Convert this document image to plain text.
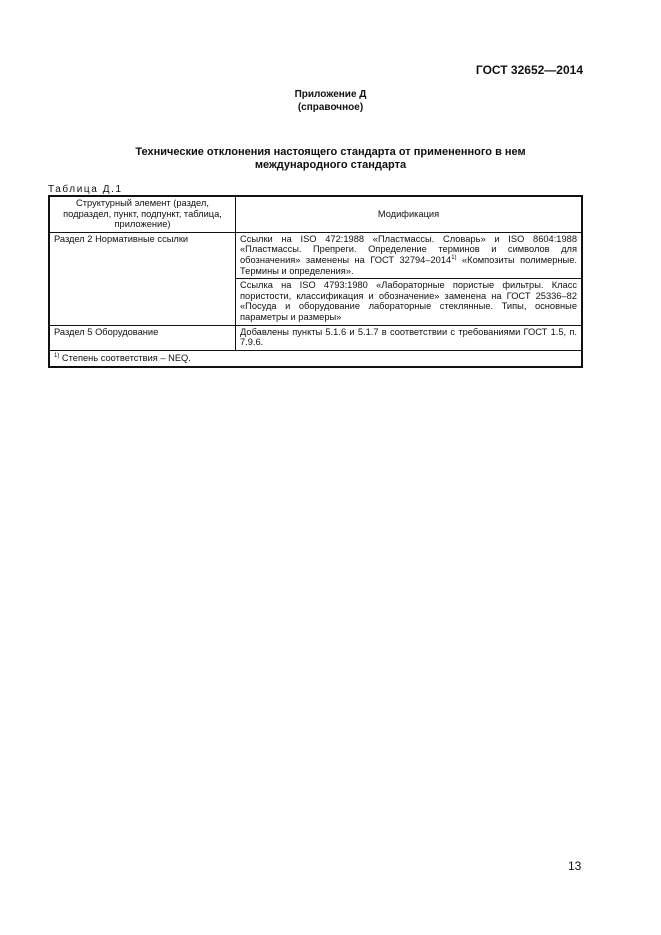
ГОСТ 32652—2014
Приложение Д
(справочное)
Технические отклонения настоящего стандарта от примененного в нем
международного стандарта
Таблица Д.1
Структурный элемент (раздел, подраздел, пункт, подпункт, таблица, приложение)	Модификация
Раздел 2 Нормативные ссылки	Ссылки на ISO 472:1988 «Пластмассы. Словарь» и ISO 8604:1988 «Пластмассы. Препреги. Определение терминов и символов для обозначения» заменены на ГОСТ 32794–2014$^{1)}$ «Композиты полимерные. Термины и определения».
	Ссылка на ISO 4793:1980 «Лабораторные пористые фильтры. Класс пористости, классификация и обозначение» заменена на ГОСТ 25336–82 «Посуда и оборудование лабораторные стеклянные. Типы, основные параметры и размеры»
Раздел 5 Оборудование	Добавлены пункты 5.1.6 и 5.1.7 в соответствии с требованиями ГОСТ 1.5, п. 7.9.6.
$^{1)}$ Степень соответствия – NEQ.	
13
